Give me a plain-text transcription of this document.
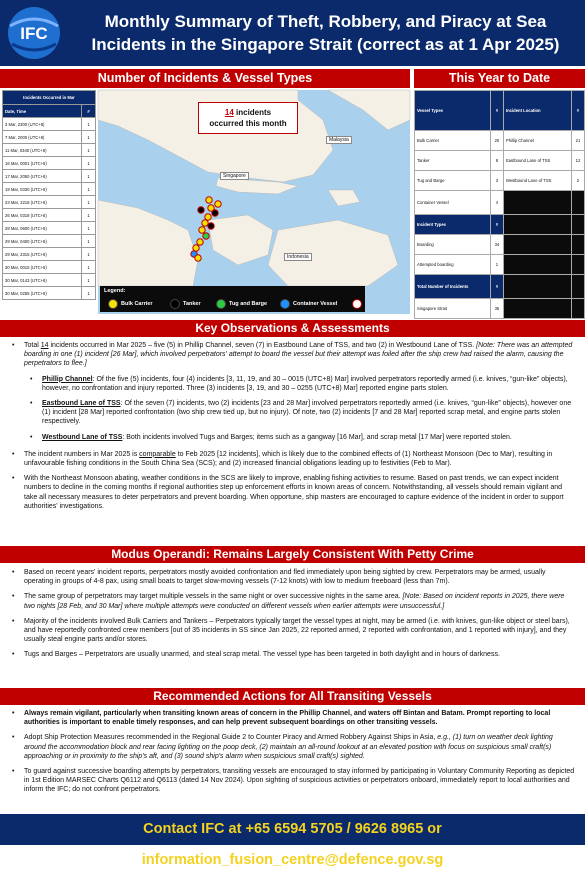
IFC
Monthly Summary of Theft, Robbery, and Piracy at Sea
Incidents in the Singapore Strait (correct as at 1 Apr 2025)
Number of Incidents & Vessel Types	This Year to Date
Incidents Occurred in Mar	
Date, Time	#
3 Mar, 2300 (UTC+8)	1
7 Mar, 2000 (UTC+8)	1
11 Mar, 0340 (UTC+8)	1
16 Mar, 0001 (UTC+8)	1
17 Mar, 2050 (UTC+8)	1
19 Mar, 0330 (UTC+8)	1
23 Mar, 2218 (UTC+8)	1
26 Mar, 0318 (UTC+8)	1
28 Mar, 0600 (UTC+8)	1
29 Mar, 0400 (UTC+8)	1
29 Mar, 2315 (UTC+8)	1
30 Mar, 0015 (UTC+8)	1
30 Mar, 0143 (UTC+8)	1
30 Mar, 0255 (UTC+8)	1
14 incidents
occurred this month
Malaysia
Singapore
Indonesia
Legend:
Bulk Carrier	Tanker	Tug and Barge	Container Vessel
Vessel Types	#	Incident Location	#
Bulk Carrier	20	Phillip Channel	21
Tanker	8	Eastbound Lane of TSS	12
Tug and Barge	3	Westbound Lane of TSS	2
Container Vessel	4		
Incident Types	#		
Boarding	34		
Attempted boarding	1		
Total Number of Incidents	#		
Singapore Strait	35		
Key Observations & Assessments

• Total 14 incidents occurred in Mar 2025 – five (5) in Phillip Channel, seven (7) in Eastbound Lane of TSS, and two (2) in Westbound Lane of TSS. [Note: There was an attempted boarding in one (1) incident [26 Mar], which involved perpetrators' attempt to board the vessel but their attempt was foiled after the ship crew had raised the alarm, causing the perpetrators to flee.]

• Phillip Channel: Of the five (5) incidents, four (4) incidents [3, 11, 19, and 30 – 0015 (UTC+8) Mar] involved perpetrators reportedly armed (i.e. knives, “gun-like” objects), however, no confrontation and injury reported. Three (3) incidents [3, 19, and 30 – 0255 (UTC+8) Mar] reported engine parts stolen.

• Eastbound Lane of TSS: Of the seven (7) incidents, two (2) incidents [23 and 28 Mar] involved perpetrators reportedly armed (i.e. knives, “gun-like” objects), however one (1) incident [28 Mar] reported confrontation (two ship crew tied up, but no injury). Of note, two (2) incidents [7 and 28 Mar] reported scrap metal, and engine parts stolen respectively.

• Westbound Lane of TSS: Both incidents involved Tugs and Barges; items such as a gangway [16 Mar], and scrap metal [17 Mar] were reported stolen.

• The incident numbers in Mar 2025 is comparable to Feb 2025 [12 incidents], which is likely due to the combined effects of (1) Northeast Monsoon (Dec to Mar), resulting in unfavourable fishing conditions in the South China Sea (SCS); and (2) increased financial obligations leading up to festivities (Feb to Mar).

• With the Northeast Monsoon abating, weather conditions in the SCS are likely to improve, enabling fishing activities to resume. Based on past trends, we can expect incident numbers to decline in the coming months if regional authorities step up enforcement efforts in known areas of concern. Notwithstanding, all vessels should remain vigilant and take all necessary measures to deter perpetrators and prevent boarding. When opportune, ship masters are encouraged to capture evidence of the incident in order to support authorities' investigations.

Modus Operandi: Remains Largely Consistent With Petty Crime

• Based on recent years' incident reports, perpetrators mostly avoided confrontation and fled immediately upon being sighted by crew. Perpetrators may be armed, usually operating in groups of 4-8 pax, using small boats to target slow-moving vessels (7-12 knots) with low to medium freeboard (less than 7m).

• The same group of perpetrators may target multiple vessels in the same night or over successive nights in the same area. [Note: Based on incident reports in 2025, there were two nights [28 Feb, and 30 Mar] where multiple attempts were conducted on different vessels when earlier attempts were unsuccessful.]

• Majority of the incidents involved Bulk Carriers and Tankers – Perpetrators typically target the vessel types at night, may be armed (i.e. with knives, gun-like object or steel bars), and have reportedly confronted crew members [out of 35 incidents in SS since Jan 2025, 22 reported armed, 2 reported with confrontation, and 1 reported with injury], and they usually steal engine parts and/or stores.

• Tugs and Barges – Perpetrators are usually unarmed, and steal scrap metal. The vessel type has been targeted in both daylight and in hours of darkness.

Recommended Actions for All Transiting Vessels

• Always remain vigilant, particularly when transiting known areas of concern in the Phillip Channel, and waters off Bintan and Batam. Prompt reporting to local authorities is important to enable timely responses, and can help prevent subsequent boardings on other transiting vessels.

• Adopt Ship Protection Measures recommended in the Regional Guide 2 to Counter Piracy and Armed Robbery Against Ships in Asia, e.g., (1) turn on weather deck lighting around the accommodation block and rear facing lighting on the poop deck, (2) maintain an all-round lookout at an elevated position with focus on suspicious small craft(s) approaching or in proximity to the ship's aft, and (3) sound ship's alarm when suspicious small craft(s) sighted.

• To guard against successive boarding attempts by perpetrators, transiting vessels are encouraged to stay informed by participating in Voluntary Community Reporting as depicted in 1st Edition MARSEC Charts Q6112 and Q6113 (dated 14 Nov 2024). Upon sighting of suspicious activities or perpetrators onboard, immediately report to local authorities and inform the IFC; do not confront perpetrators.

Contact IFC at +65 6594 5705 / 9626 8965 or information_fusion_centre@defence.gov.sg
